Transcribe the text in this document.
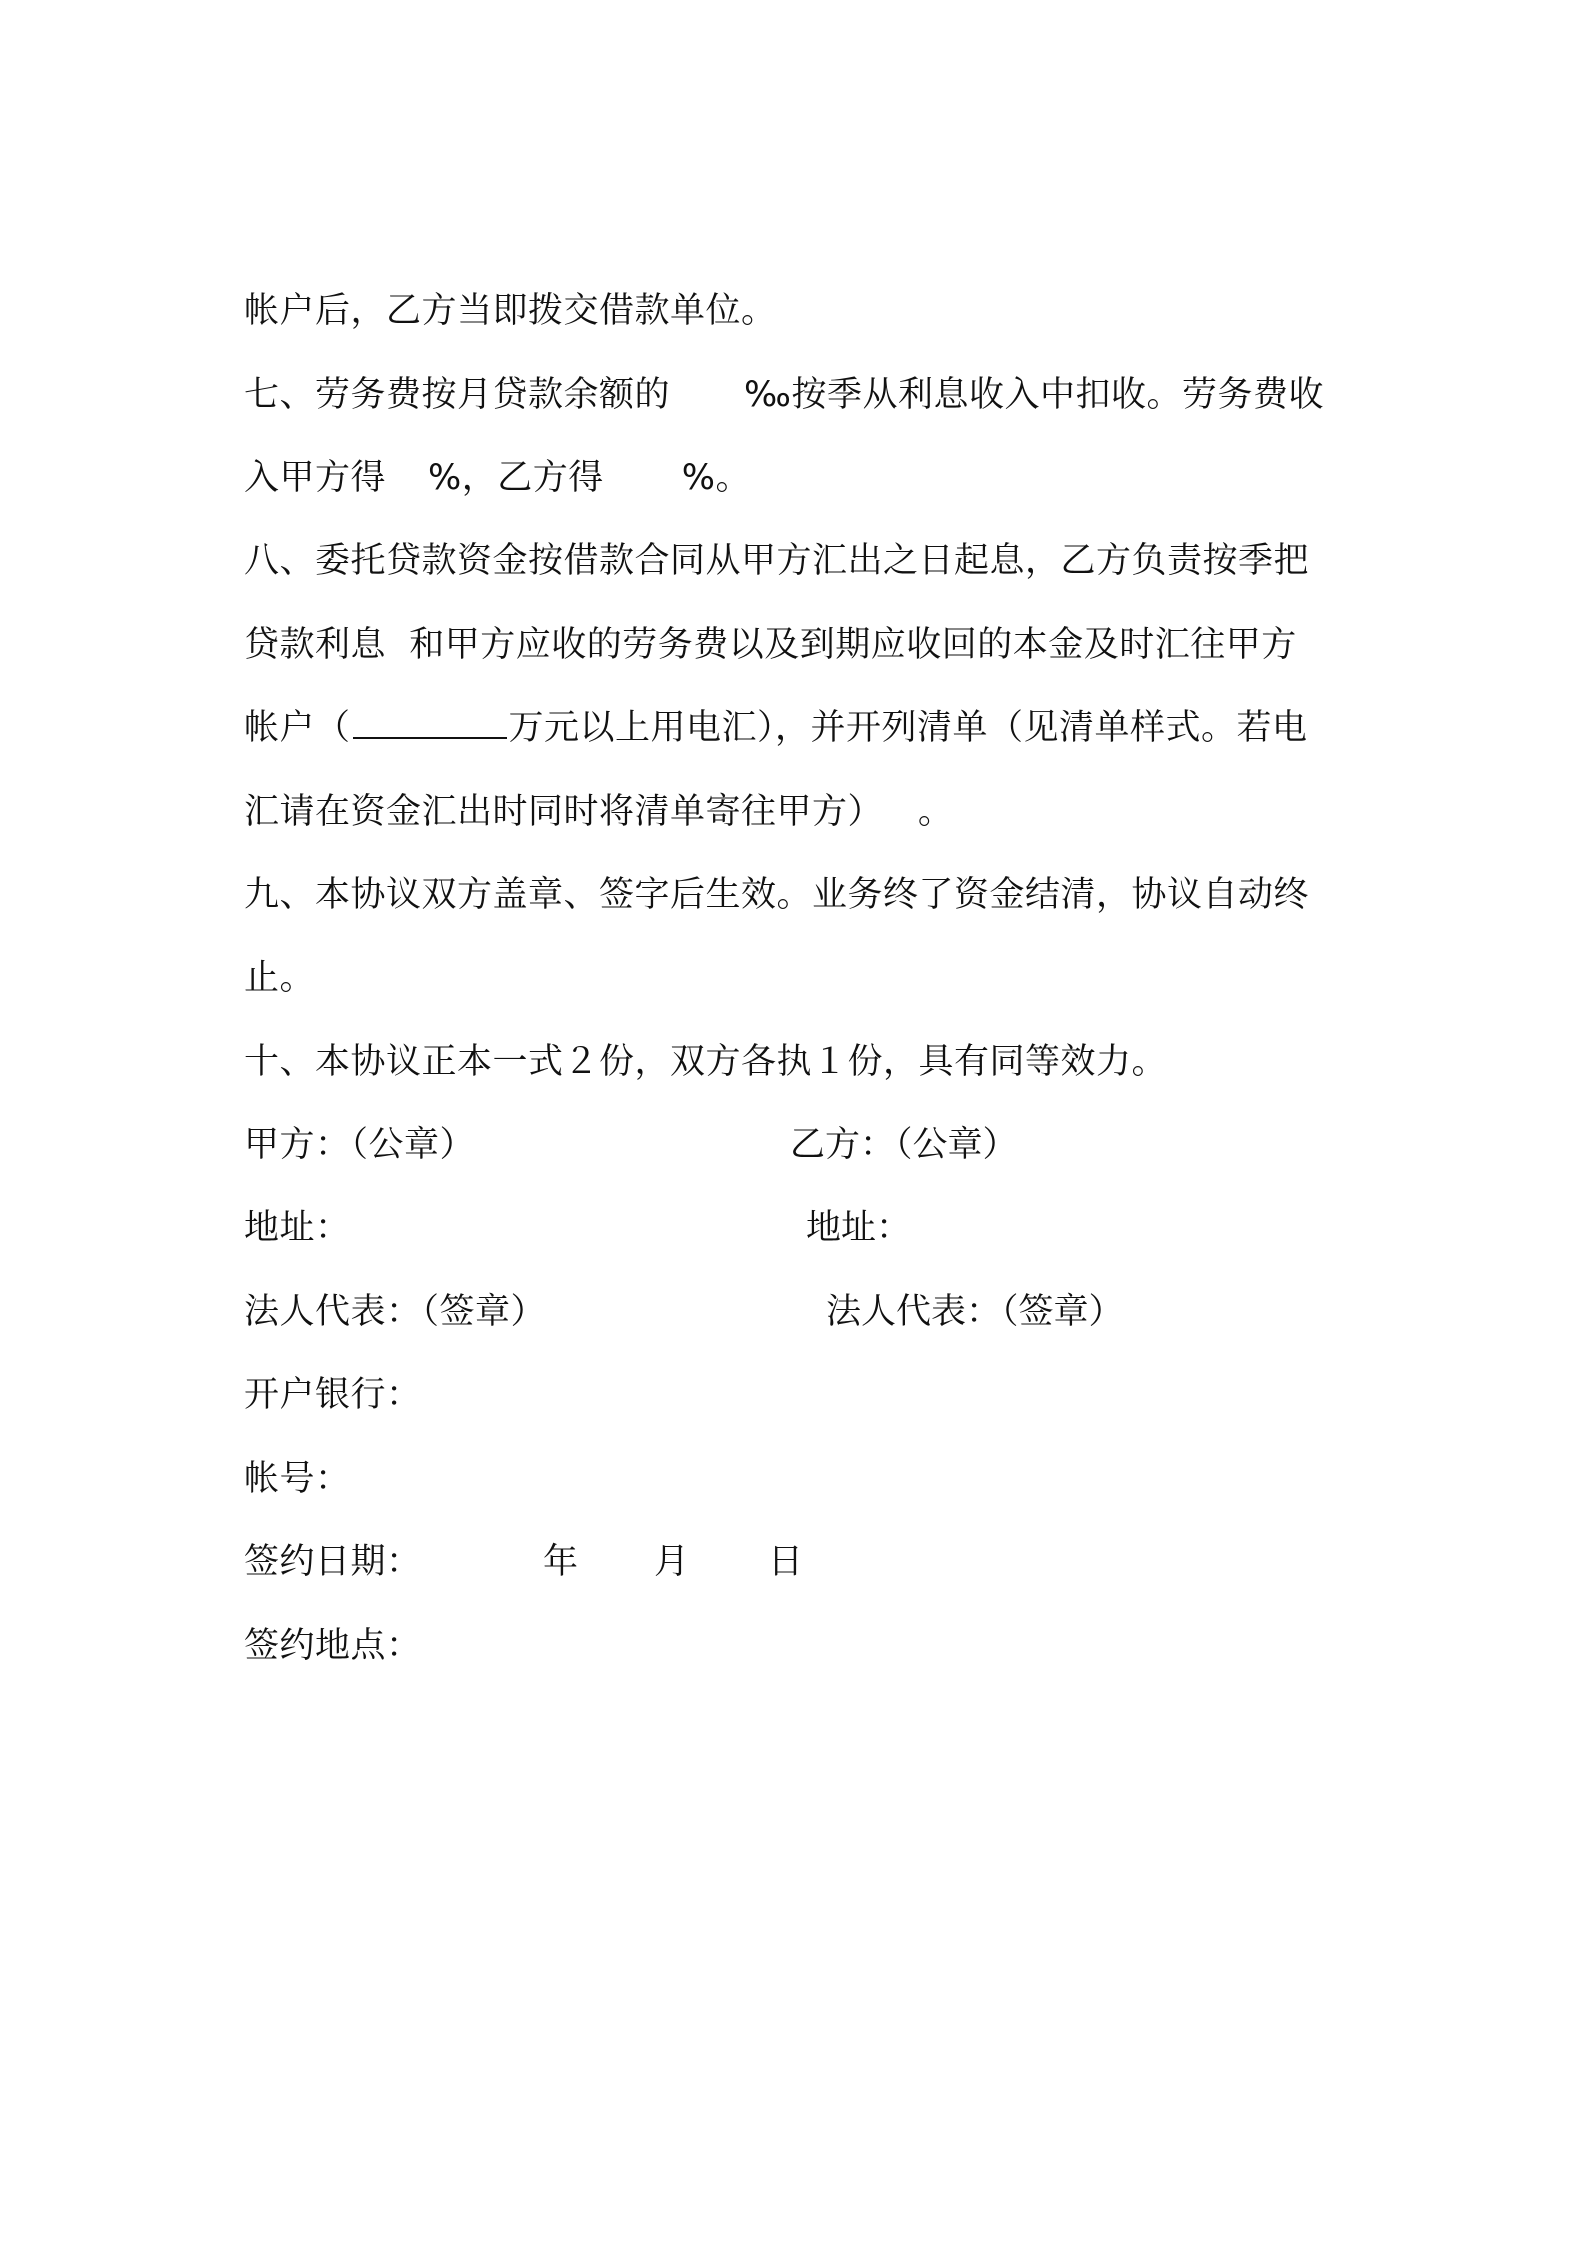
帐户后，乙方当即拨交借款单位。
七、劳务费按月贷款余额的 ‰按季从利息收入中扣收。劳务费收
入甲方得 %，乙方得 %。
八、委托贷款资金按借款合同从甲方汇出之日起息，乙方负责按季把
贷款利息  和甲方应收的劳务费以及到期应收回的本金及时汇往甲方
帐户（	万元以上用电汇），并开列清单（见清单样式。若电
汇请在资金汇出时同时将清单寄往甲方）   。
九、本协议双方盖章、签字后生效。业务终了资金结清，协议自动终
止。
十、本协议正本一式２份，双方各执１份，具有同等效力。
甲方：（公章）	乙方：（公章）
地址：	地址：
法人代表：（签章）	法人代表：（签章）
开户银行：
帐号：
签约日期：	年 月 日
签约地点：
